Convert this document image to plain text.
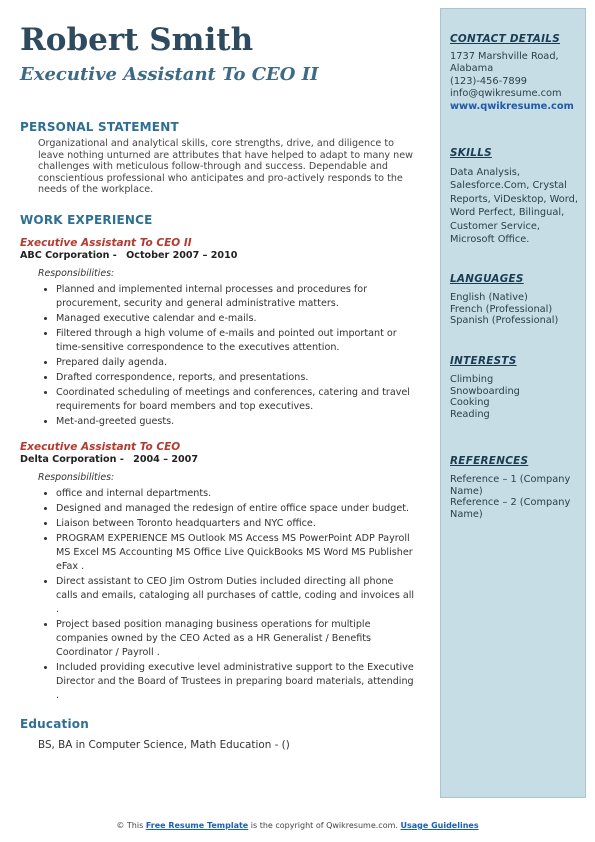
Robert Smith
Executive Assistant To CEO II
PERSONAL STATEMENT

Organizational and analytical skills, core strengths, drive, and diligence to leave nothing unturned are attributes that have helped to adapt to many new challenges with meticulous follow-through and success. Dependable and conscientious professional who anticipates and pro-actively responds to the needs of the workplace.

WORK EXPERIENCE

Executive Assistant To CEO II

ABC Corporation - October 2007 – 2010

Responsibilities:

• Planned and implemented internal processes and procedures for procurement, security and general administrative matters.
• Managed executive calendar and e-mails.
• Filtered through a high volume of e-mails and pointed out important or time-sensitive correspondence to the executives attention.
• Prepared daily agenda.
• Drafted correspondence, reports, and presentations.
• Coordinated scheduling of meetings and conferences, catering and travel requirements for board members and top executives.
• Met-and-greeted guests.

Executive Assistant To CEO

Delta Corporation - 2004 – 2007

Responsibilities:

• office and internal departments.
• Designed and managed the redesign of entire office space under budget.
• Liaison between Toronto headquarters and NYC office.
• PROGRAM EXPERIENCE MS Outlook MS Access MS PowerPoint ADP Payroll MS Excel MS Accounting MS Office Live QuickBooks MS Word MS Publisher eFax .
• Direct assistant to CEO Jim Ostrom Duties included directing all phone calls and emails, cataloging all purchases of cattle, coding and invoices all .
• Project based position managing business operations for multiple companies owned by the CEO Acted as a HR Generalist / Benefits Coordinator / Payroll .
• Included providing executive level administrative support to the Executive Director and the Board of Trustees in preparing board materials, attending .
Education

BS, BA in Computer Science, Math Education - ()

CONTACT DETAILS

1737 Marshville Road,

Alabama

(123)-456-7899

info@qwikresume.com

www.qwikresume.com

SKILLS

Data Analysis, Salesforce.Com, Crystal Reports, ViDesktop, Word, Word Perfect, Bilingual, Customer Service, Microsoft Office.

LANGUAGES

English (Native)
French (Professional)
Spanish (Professional)

INTERESTS

Climbing
Snowboarding
Cooking
Reading

REFERENCES

Reference – 1 (Company Name)
Reference – 2 (Company Name)
© This Free Resume Template is the copyright of Qwikresume.com. Usage Guidelines
